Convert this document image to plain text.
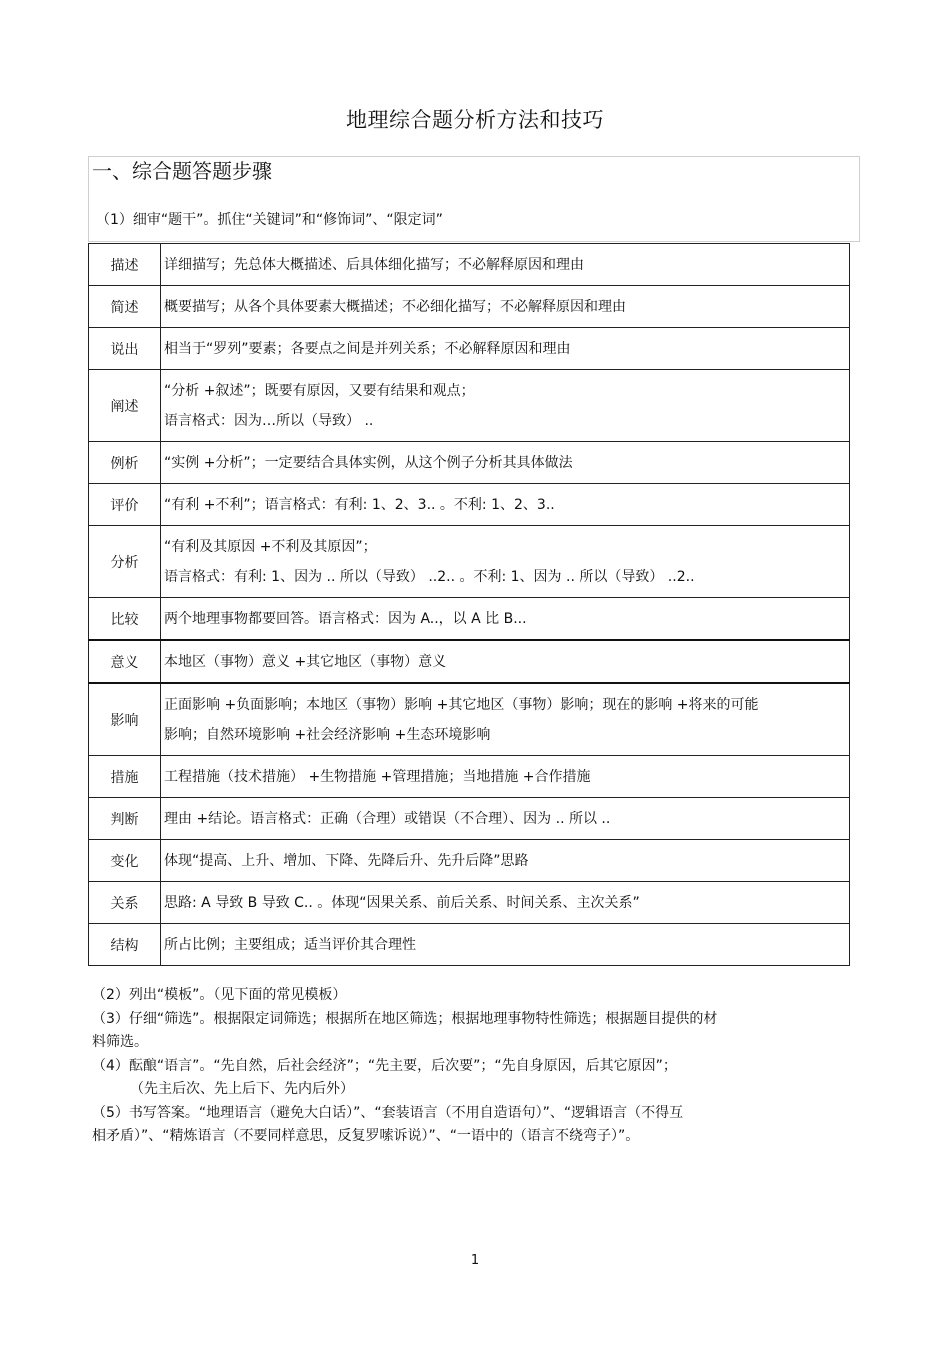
地理综合题分析方法和技巧
一、综合题答题步骤
（1）细审“题干”。抓住“关键词”和“修饰词”、“限定词”
描述	详细描写；先总体大概描述、后具体细化描写；不必解释原因和理由
简述	概要描写；从各个具体要素大概描述；不必细化描写；不必解释原因和理由
说出	相当于“罗列”要素；各要点之间是并列关系；不必解释原因和理由
阐述	“分析 +叙述”；既要有原因，又要有结果和观点；
语言格式：因为…所以（导致） ..

例析	“实例 +分析”；一定要结合具体实例，从这个例子分析其具体做法
评价	“有利 +不利”；语言格式：有利: 1、2、3.. 。不利: 1、2、3..
分析	“有利及其原因 +不利及其原因”；
语言格式：有利: 1、因为 .. 所以（导致） ..2.. 。不利: 1、因为 .. 所以（导致） ..2..

比较	两个地理事物都要回答。语言格式：因为 A..，以 A 比 B...
意义	本地区（事物）意义 +其它地区（事物）意义
影响	正面影响 +负面影响；本地区（事物）影响 +其它地区（事物）影响；现在的影响 +将来的可能
影响；自然环境影响 +社会经济影响 +生态环境影响

措施	工程措施（技术措施） +生物措施 +管理措施；当地措施 +合作措施
判断	理由 +结论。语言格式：正确（合理）或错误（不合理）、因为 .. 所以 ..
变化	体现“提高、上升、增加、下降、先降后升、先升后降”思路
关系	思路: A 导致 B 导致 C.. 。体现“因果关系、前后关系、时间关系、主次关系”
结构	所占比例；主要组成；适当评价其合理性

（2）列出“模板”。（见下面的常见模板）

（3）仔细“筛选”。根据限定词筛选；根据所在地区筛选；根据地理事物特性筛选；根据题目提供的材

料筛选。

（4）酝酿“语言”。“先自然，后社会经济”；“先主要，后次要”；“先自身原因，后其它原因”；

（先主后次、先上后下、先内后外）

（5）书写答案。“地理语言（避免大白话）”、“套装语言（不用自造语句）”、“逻辑语言（不得互

相矛盾）”、“精炼语言（不要同样意思，反复罗嗦诉说）”、“一语中的（语言不绕弯子）”。

1
